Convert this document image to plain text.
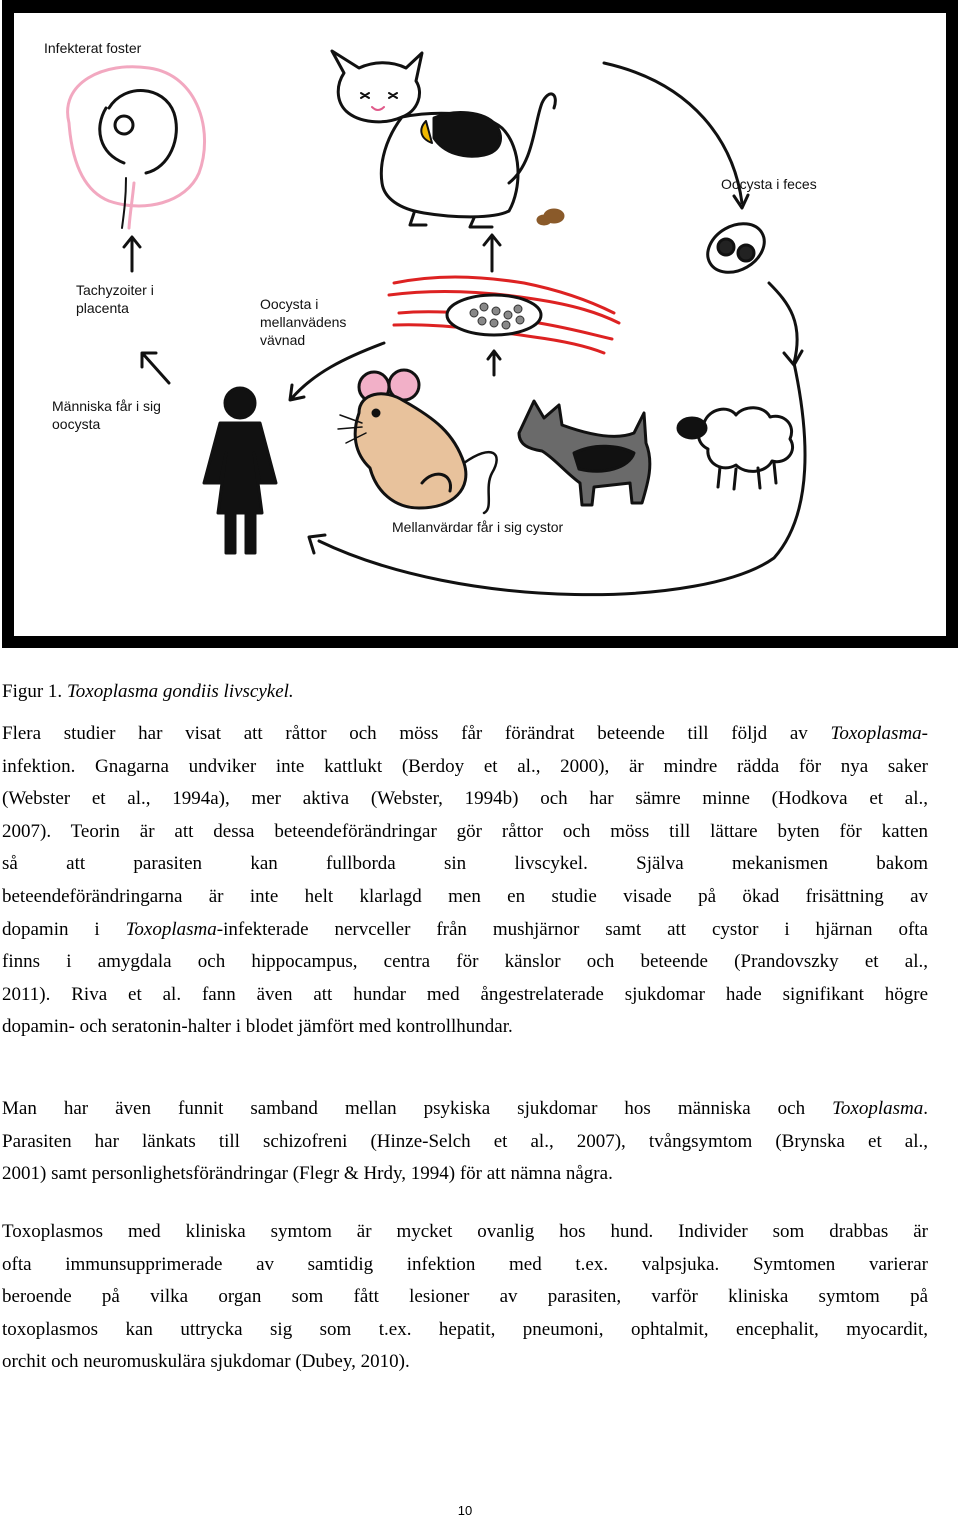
Infekterat foster
Oocysta i feces
Tachyzoiter i
placenta	Oocysta i
mellanvädens
vävnad
Människa får i sig
oocysta
Mellanvärdar får i sig cystor
Figur 1. Toxoplasma gondiis livscykel.
Flera studier har visat att råttor och möss får förändrat beteende till följd av Toxoplasma-
infektion. Gnagarna undviker inte kattlukt (Berdoy et al., 2000), är mindre rädda för nya saker
(Webster et al., 1994a), mer aktiva (Webster, 1994b) och har sämre minne (Hodkova et al.,
2007). Teorin är att dessa beteendeförändringar gör råttor och möss till lättare byten för katten
så att parasiten kan fullborda sin livscykel. Själva mekanismen bakom
beteendeförändringarna är inte helt klarlagd men en studie visade på ökad frisättning av
dopamin i Toxoplasma-infekterade nervceller från mushjärnor samt att cystor i hjärnan ofta
finns i amygdala och hippocampus, centra för känslor och beteende (Prandovszky et al.,
2011). Riva et al. fann även att hundar med ångestrelaterade sjukdomar hade signifikant högre
dopamin- och seratonin-halter i blodet jämfört med kontrollhundar.
Man har även funnit samband mellan psykiska sjukdomar hos människa och Toxoplasma.
Parasiten har länkats till schizofreni (Hinze-Selch et al., 2007), tvångsymtom (Brynska et al.,
2001) samt personlighetsförändringar (Flegr & Hrdy, 1994) för att nämna några.
Toxoplasmos med kliniska symtom är mycket ovanlig hos hund. Individer som drabbas är
ofta immunsupprimerade av samtidig infektion med t.ex. valpsjuka. Symtomen varierar
beroende på vilka organ som fått lesioner av parasiten, varför kliniska symtom på
toxoplasmos kan uttrycka sig som t.ex. hepatit, pneumoni, ophtalmit, encephalit, myocardit,
orchit och neuromuskulära sjukdomar (Dubey, 2010).
10
